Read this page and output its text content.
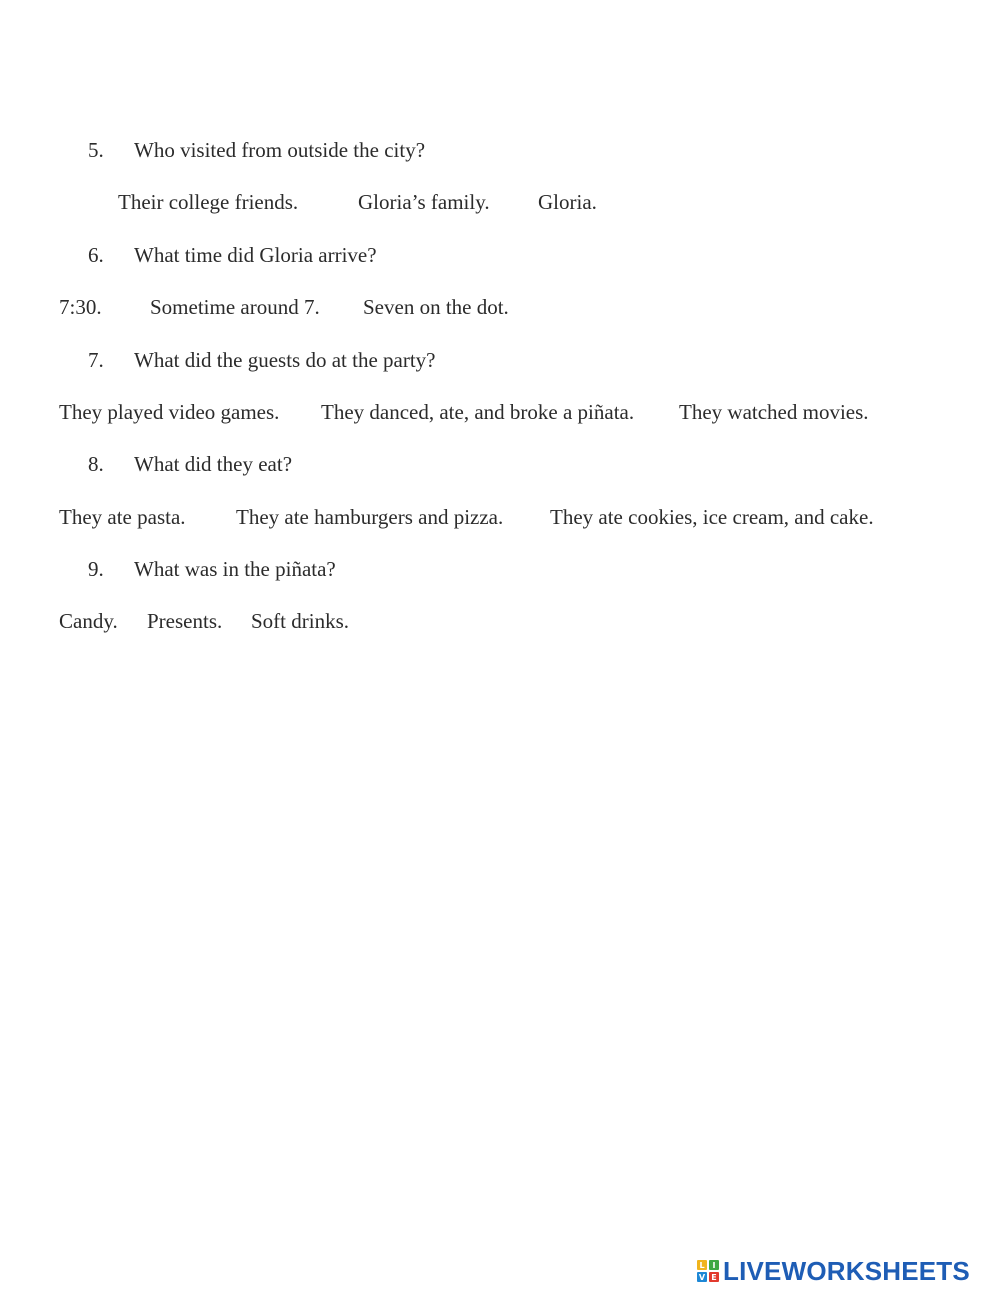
5. Who visited from outside the city?
Their college friends.	Gloria’s family. Gloria.
6. What time did Gloria arrive?
7:30. Sometime around 7. Seven on the dot.
7. What did the guests do at the party?
They played video games. They danced, ate, and broke a piñata. They watched movies.
8. What did they eat?
They ate pasta. They ate hamburgers and pizza. They ate cookies, ice cream, and cake.
9. What was in the piñata?
Candy. Presents. Soft drinks.
L I
V E LIVEWORKSHEETS
